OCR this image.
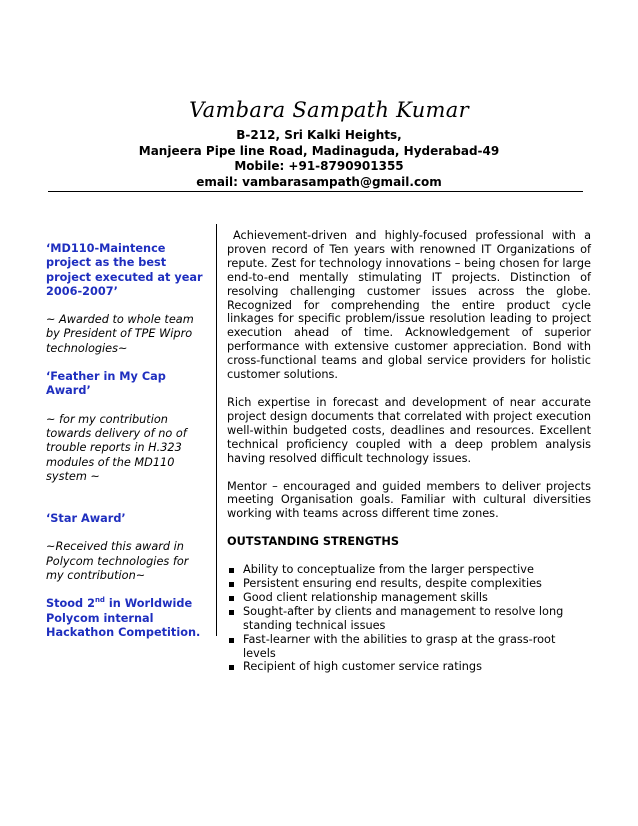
Vambara Sampath Kumar
B-212, Sri Kalki Heights,
Manjeera Pipe line Road, Madinaguda, Hyderabad-49
Mobile: +91-8790901355
email: vambarasampath@gmail.com

‘MD110-Maintence project as the best project executed at year 2006-2007’

~ Awarded to whole team by President of TPE Wipro technologies~

‘Feather in My Cap Award’

~ for my contribution towards delivery of no of trouble reports in H.323 modules of the MD110 system ~

‘Star Award’

~Received this award in Polycom technologies for my contribution~

Stood 2nd in Worldwide Polycom internal Hackathon Competition.

Achievement-driven and highly-focused professional with a proven record of Ten years with renowned IT Organizations of repute. Zest for technology innovations – being chosen for large end-to-end mentally stimulating IT projects. Distinction of resolving challenging customer issues across the globe. Recognized for comprehending the entire product cycle linkages for specific problem/issue resolution leading to project execution ahead of time. Acknowledgement of superior performance with extensive customer appreciation. Bond with cross-functional teams and global service providers for holistic customer solutions.

Rich expertise in forecast and development of near accurate project design documents that correlated with project execution well-within budgeted costs, deadlines and resources. Excellent technical proficiency coupled with a deep problem analysis having resolved difficult technology issues.

Mentor – encouraged and guided members to deliver projects meeting Organisation goals. Familiar with cultural diversities working with teams across different time zones.

OUTSTANDING STRENGTHS

Ability to conceptualize from the larger perspective
Persistent ensuring end results, despite complexities
Good client relationship management skills
Sought-after by clients and management to resolve long standing technical issues
Fast-learner with the abilities to grasp at the grass-root levels
Recipient of high customer service ratings
